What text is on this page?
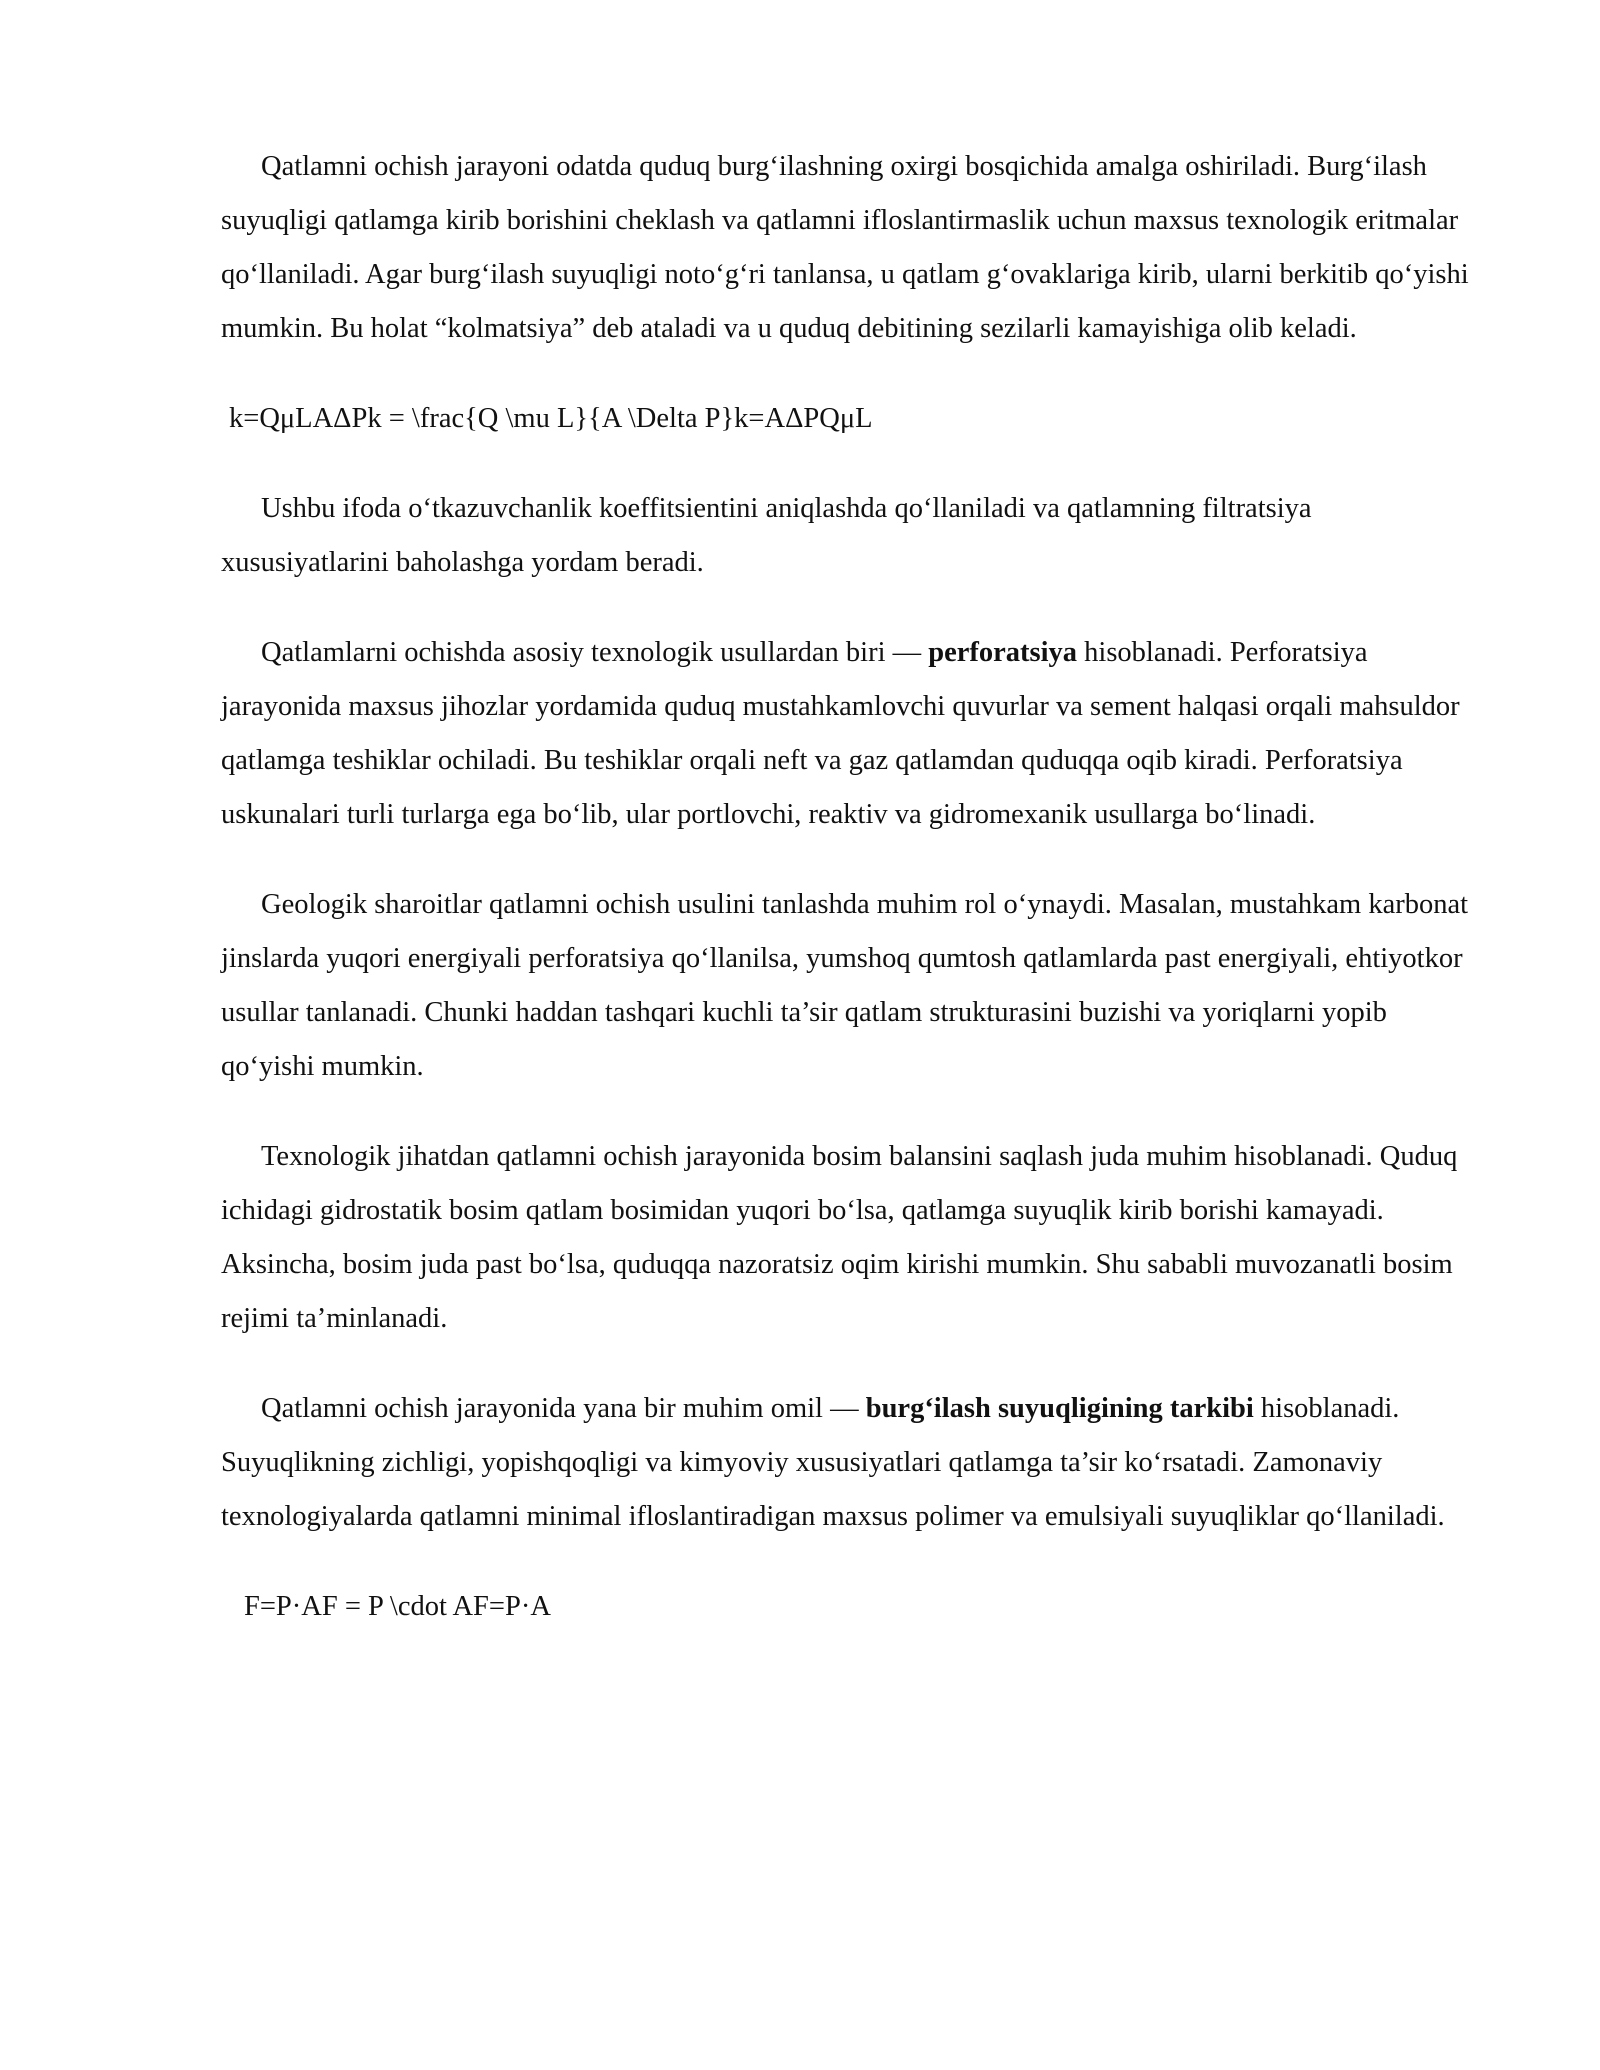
Qatlamni ochish jarayoni odatda quduq burg‘ilashning oxirgi bosqichida amalga oshiriladi. Burg‘ilash suyuqligi qatlamga kirib borishini cheklash va qatlamni ifloslantirmaslik uchun maxsus texnologik eritmalar qo‘llaniladi. Agar burg‘ilash suyuqligi noto‘g‘ri tanlansa, u qatlam g‘ovaklariga kirib, ularni berkitib qo‘yishi mumkin. Bu holat “kolmatsiya” deb ataladi va u quduq debitining sezilarli kamayishiga olib keladi.

k=QμLAΔPk = \frac{Q \mu L}{A \Delta P}k=AΔPQμL

Ushbu ifoda o‘tkazuvchanlik koeffitsientini aniqlashda qo‘llaniladi va qatlamning filtratsiya xususiyatlarini baholashga yordam beradi.

Qatlamlarni ochishda asosiy texnologik usullardan biri — perforatsiya hisoblanadi. Perforatsiya jarayonida maxsus jihozlar yordamida quduq mustahkamlovchi quvurlar va sement halqasi orqali mahsuldor qatlamga teshiklar ochiladi. Bu teshiklar orqali neft va gaz qatlamdan quduqqa oqib kiradi. Perforatsiya uskunalari turli turlarga ega bo‘lib, ular portlovchi, reaktiv va gidromexanik usullarga bo‘linadi.

Geologik sharoitlar qatlamni ochish usulini tanlashda muhim rol o‘ynaydi. Masalan, mustahkam karbonat jinslarda yuqori energiyali perforatsiya qo‘llanilsa, yumshoq qumtosh qatlamlarda past energiyali, ehtiyotkor usullar tanlanadi. Chunki haddan tashqari kuchli ta’sir qatlam strukturasini buzishi va yoriqlarni yopib qo‘yishi mumkin.

Texnologik jihatdan qatlamni ochish jarayonida bosim balansini saqlash juda muhim hisoblanadi. Quduq ichidagi gidrostatik bosim qatlam bosimidan yuqori bo‘lsa, qatlamga suyuqlik kirib borishi kamayadi. Aksincha, bosim juda past bo‘lsa, quduqqa nazoratsiz oqim kirishi mumkin. Shu sababli muvozanatli bosim rejimi ta’minlanadi.

Qatlamni ochish jarayonida yana bir muhim omil — burg‘ilash suyuqligining tarkibi hisoblanadi. Suyuqlikning zichligi, yopishqoqligi va kimyoviy xususiyatlari qatlamga ta’sir ko‘rsatadi. Zamonaviy texnologiyalarda qatlamni minimal ifloslantiradigan maxsus polimer va emulsiyali suyuqliklar qo‘llaniladi.

F=P·AF = P \cdot AF=P·A
